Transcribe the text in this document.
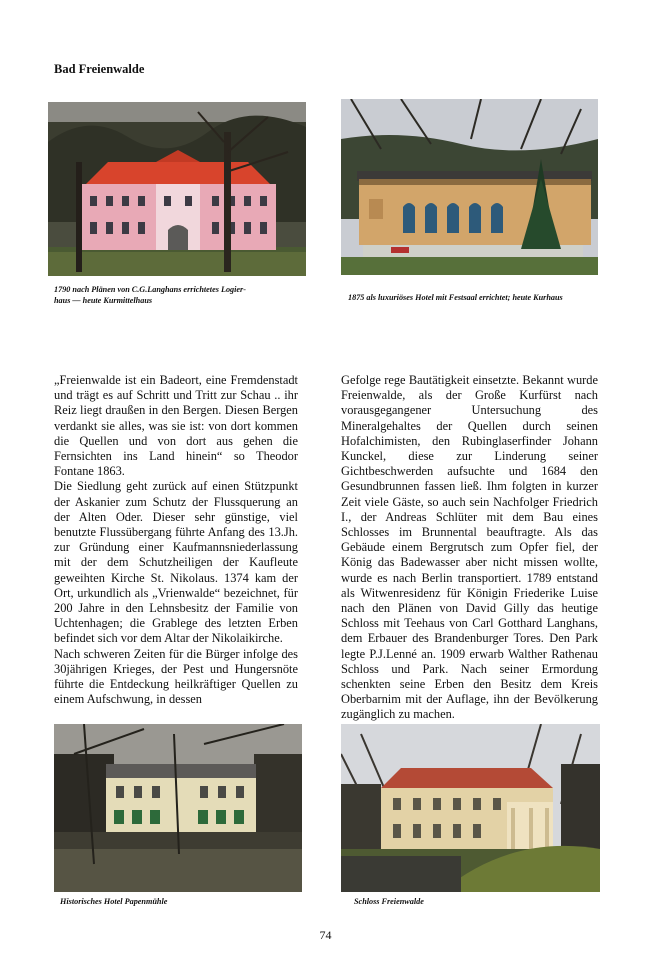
Bad Freienwalde
1790 nach Plänen von C.G.Langhans errichtetes Logier-
haus — heute Kurmittelhaus	1875 als luxuriöses Hotel mit Festsaal errichtet; heute Kurhaus

„Freienwalde ist ein Badeort, eine Fremdenstadt und trägt es auf Schritt und Tritt zur Schau .. ihr Reiz liegt draußen in den Bergen. Diesen Bergen verdankt sie alles, was sie ist: von dort kommen die Quellen und von dort aus gehen die Fernsichten ins Land hinein“ so Theodor Fontane 1863.

Die Siedlung geht zurück auf einen Stützpunkt der Askanier zum Schutz der Flussquerung an der Alten Oder. Dieser sehr günstige, viel benutzte Flussübergang führte Anfang des 13.Jh. zur Gründung einer Kaufmannsniederlassung mit der dem Schutzheiligen der Kaufleute geweihten Kirche St. Nikolaus. 1374 kam der Ort, urkundlich als „Vrienwalde“ bezeichnet, für 200 Jahre in den Lehnsbesitz der Familie von Uchtenhagen; die Grablege des letzten Erben befindet sich vor dem Altar der Nikolaikirche.

Nach schweren Zeiten für die Bürger infolge des 30jährigen Krieges, der Pest und Hungersnöte führte die Entdeckung heilkräftiger Quellen zu einem Aufschwung, in dessen

Gefolge rege Bautätigkeit einsetzte. Bekannt wurde Freienwalde, als der Große Kurfürst nach vorausgegangener Untersuchung des Mineralgehaltes der Quellen durch seinen Hofalchimisten, den Rubinglaserfinder Johann Kunckel, diese zur Linderung seiner Gichtbeschwerden aufsuchte und 1684 den Gesundbrunnen fassen ließ. Ihm folgten in kurzer Zeit viele Gäste, so auch sein Nachfolger Friedrich I., der Andreas Schlüter mit dem Bau eines Schlosses im Brunnental beauftragte. Als das Gebäude einem Bergrutsch zum Opfer fiel, der König das Badewasser aber nicht missen wollte, wurde es nach Berlin transportiert. 1789 entstand als Witwenresidenz für Königin Friederike Luise nach den Plänen von David Gilly das heutige Schloss mit Teehaus von Carl Gotthard Langhans, dem Erbauer des Brandenburger Tores. Den Park legte P.J.Lenné an. 1909 erwarb Walther Rathenau Schloss und Park. Nach seiner Ermordung schenkten seine Erben den Besitz dem Kreis Oberbarnim mit der Auflage, ihn der Bevölkerung zugänglich zu machen.

Historisches Hotel Papenmühle	Schloss Freienwalde
74
